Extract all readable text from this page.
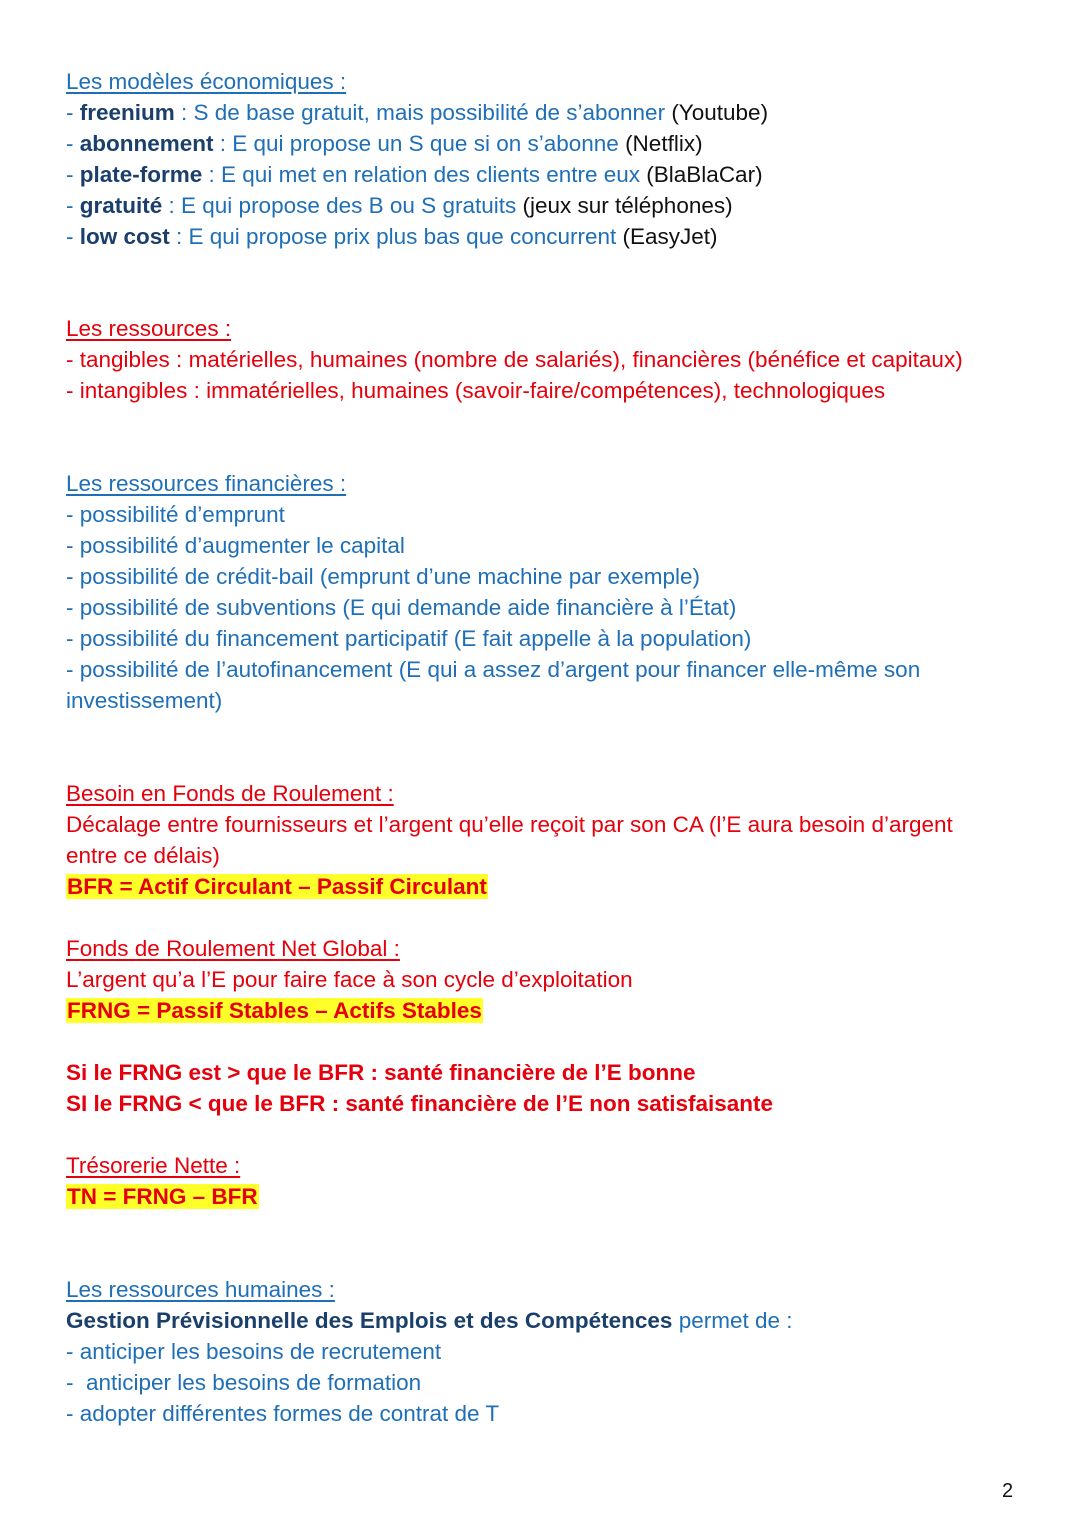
Les modèles économiques :
- freenium : S de base gratuit, mais possibilité de s’abonner (Youtube)
- abonnement : E qui propose un S que si on s’abonne (Netflix)
- plate-forme : E qui met en relation des clients entre eux (BlaBlaCar)
- gratuité : E qui propose des B ou S gratuits (jeux sur téléphones)
- low cost : E qui propose prix plus bas que concurrent (EasyJet)
Les ressources :
- tangibles : matérielles, humaines (nombre de salariés), financières (bénéfice et capitaux)
- intangibles : immatérielles, humaines (savoir-faire/compétences), technologiques
Les ressources financières :
- possibilité d’emprunt
- possibilité d’augmenter le capital
- possibilité de crédit-bail (emprunt d’une machine par exemple)
- possibilité de subventions (E qui demande aide financière à l’État)
- possibilité du financement participatif (E fait appelle à la population)
- possibilité de l’autofinancement (E qui a assez d’argent pour financer elle-même son
investissement)
Besoin en Fonds de Roulement :
Décalage entre fournisseurs et l’argent qu’elle reçoit par son CA (l’E aura besoin d’argent
entre ce délais)
BFR = Actif Circulant – Passif Circulant
Fonds de Roulement Net Global :
L’argent qu’a l’E pour faire face à son cycle d’exploitation
FRNG = Passif Stables – Actifs Stables
Si le FRNG est > que le BFR : santé financière de l’E bonne
SI le FRNG < que le BFR : santé financière de l’E non satisfaisante
Trésorerie Nette :
TN = FRNG – BFR
Les ressources humaines :
Gestion Prévisionnelle des Emplois et des Compétences permet de :
- anticiper les besoins de recrutement
-  anticiper les besoins de formation
- adopter différentes formes de contrat de T
2
